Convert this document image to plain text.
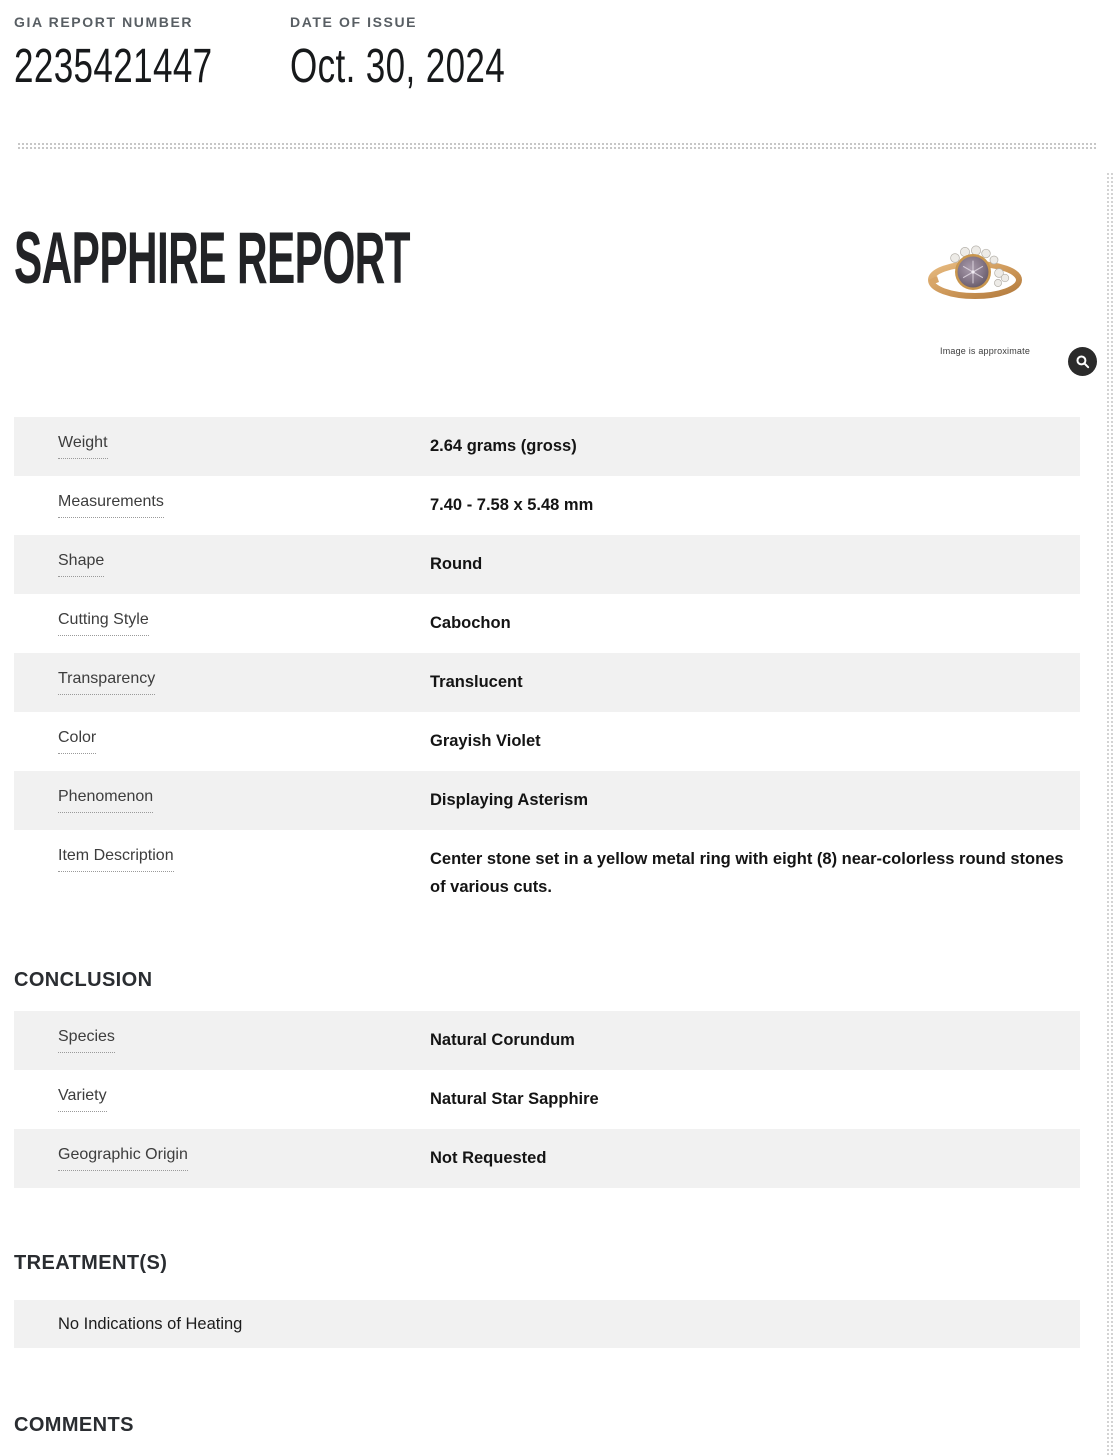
GIA REPORT NUMBER
2235421447
DATE OF ISSUE
Oct. 30, 2024
SAPPHIRE REPORT
Image is approximate
Weight	2.64 grams (gross)
Measurements	7.40 - 7.58 x 5.48 mm
Shape	Round
Cutting Style	Cabochon
Transparency	Translucent
Color	Grayish Violet
Phenomenon	Displaying Asterism
Item Description	Center stone set in a yellow metal ring with eight (8) near-colorless round stones of various cuts.
CONCLUSION
Species	Natural Corundum
Variety	Natural Star Sapphire
Geographic Origin	Not Requested
TREATMENT(S)
No Indications of Heating
COMMENTS
